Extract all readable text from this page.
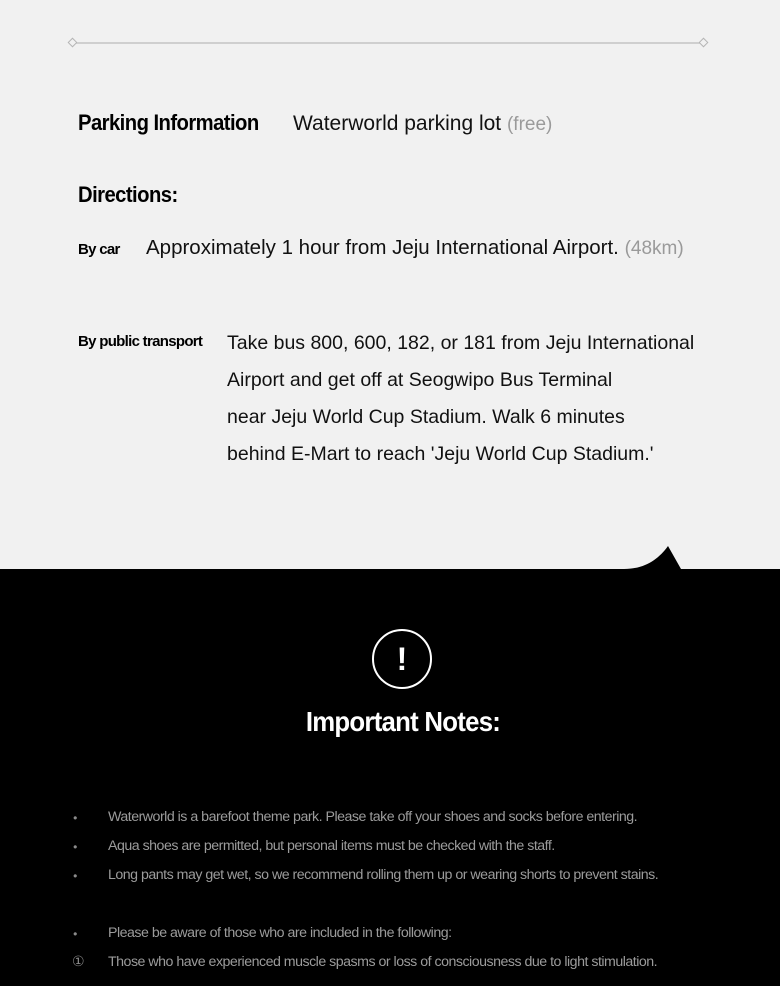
Parking Information Waterworld parking lot (free)
Directions:
By car Approximately 1 hour from Jeju International Airport. (48km)
By public transport Take bus 800, 600, 182, or 181 from Jeju International
Airport and get off at Seogwipo Bus Terminal
near Jeju World Cup Stadium. Walk 6 minutes
behind E-Mart to reach 'Jeju World Cup Stadium.'
!
Important Notes:
• Waterworld is a barefoot theme park. Please take off your shoes and socks before entering.
• Aqua shoes are permitted, but personal items must be checked with the staff.
• Long pants may get wet, so we recommend rolling them up or wearing shorts to prevent stains.
• Please be aware of those who are included in the following:
① Those who have experienced muscle spasms or loss of consciousness due to light stimulation.
